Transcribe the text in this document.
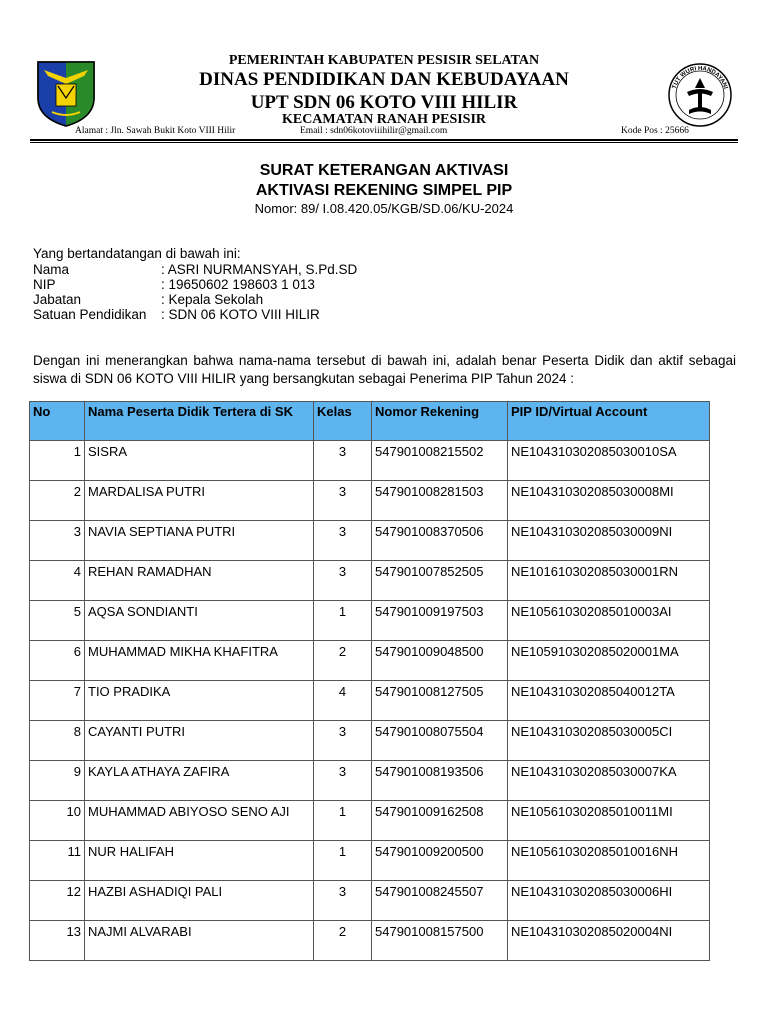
TUT WURI HANDAYANI
PEMERINTAH KABUPATEN PESISIR SELATAN
DINAS PENDIDIKAN DAN KEBUDAYAAN
UPT SDN 06 KOTO VIII HILIR
KECAMATAN RANAH PESISIR
Alamat : Jln. Sawah Bukit Koto VIII Hilir	Email : sdn06kotoviiihilir@gmail.com	Kode Pos : 25666
SURAT KETERANGAN AKTIVASI
AKTIVASI REKENING SIMPEL PIP
Nomor: 89/ I.08.420.05/KGB/SD.06/KU-2024
Yang bertandatangan di bawah ini:
Nama	: ASRI NURMANSYAH, S.Pd.SD
NIP	: 19650602 198603 1 013
Jabatan	: Kepala Sekolah
Satuan Pendidikan : SDN 06 KOTO VIII HILIR
Dengan ini menerangkan bahwa nama-nama tersebut di bawah ini, adalah benar Peserta Didik dan aktif sebagai siswa di SDN 06 KOTO VIII HILIR yang bersangkutan sebagai Penerima PIP Tahun 2024 :
No	Nama Peserta Didik Tertera di SK	Kelas	Nomor Rekening	PIP ID/Virtual Account
1	SISRA	3	547901008215502	NE104310302085030010SA
2	MARDALISA PUTRI	3	547901008281503	NE104310302085030008MI
3	NAVIA SEPTIANA PUTRI	3	547901008370506	NE104310302085030009NI
4	REHAN RAMADHAN	3	547901007852505	NE101610302085030001RN
5	AQSA SONDIANTI	1	547901009197503	NE105610302085010003AI
6	MUHAMMAD MIKHA KHAFITRA	2	547901009048500	NE105910302085020001MA
7	TIO PRADIKA	4	547901008127505	NE104310302085040012TA
8	CAYANTI PUTRI	3	547901008075504	NE104310302085030005CI
9	KAYLA ATHAYA ZAFIRA	3	547901008193506	NE104310302085030007KA
10	MUHAMMAD ABIYOSO SENO AJI	1	547901009162508	NE105610302085010011MI
11	NUR HALIFAH	1	547901009200500	NE105610302085010016NH
12	HAZBI ASHADIQI PALI	3	547901008245507	NE104310302085030006HI
13	NAJMI ALVARABI	2	547901008157500	NE104310302085020004NI
